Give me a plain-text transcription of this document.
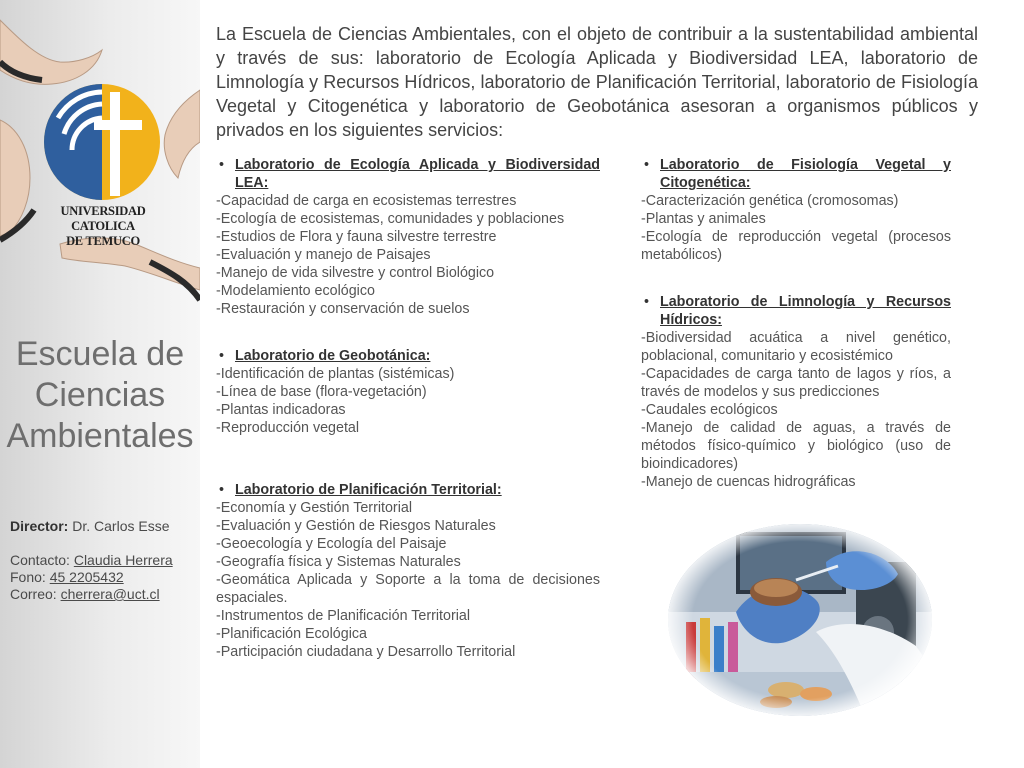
UNIVERSIDAD CATOLICA
DE TEMUCO
Escuela de
Ciencias
Ambientales
Director: Dr. Carlos Esse
Contacto: Claudia Herrera
Fono: 45 2205432
Correo: cherrera@uct.cl
La Escuela de Ciencias Ambientales, con el objeto de contribuir a la sustentabilidad ambiental y través de sus: laboratorio de Ecología Aplicada y Biodiversidad LEA, laboratorio de Limnología y Recursos Hídricos, laboratorio de Planificación Territorial, laboratorio de Fisiología Vegetal y Citogenética y laboratorio de Geobotánica asesoran a organismos públicos y privados en los siguientes servicios:
• Laboratorio de Ecología Aplicada y Biodiversidad LEA:
-Capacidad de carga en ecosistemas terrestres
-Ecología de ecosistemas, comunidades y poblaciones
-Estudios de Flora y fauna silvestre terrestre
-Evaluación y manejo de Paisajes
-Manejo de vida silvestre y control Biológico
-Modelamiento ecológico
-Restauración y conservación de suelos
• Laboratorio de Geobotánica:
-Identificación de plantas (sistémicas)
-Línea de base (flora-vegetación)
-Plantas indicadoras
-Reproducción vegetal
• Laboratorio de Planificación Territorial:
-Economía y Gestión Territorial
-Evaluación y Gestión de Riesgos Naturales
-Geoecología y Ecología del Paisaje
-Geografía física y Sistemas Naturales
-Geomática Aplicada y Soporte a la toma de decisiones espaciales.
-Instrumentos de Planificación Territorial
-Planificación Ecológica
-Participación ciudadana y Desarrollo Territorial
• Laboratorio de Fisiología Vegetal y Citogenética:
-Caracterización genética (cromosomas)
-Plantas y animales
-Ecología de reproducción vegetal (procesos metabólicos)
• Laboratorio de Limnología y Recursos Hídricos:
-Biodiversidad acuática a nivel genético, poblacional, comunitario y ecosistémico
-Capacidades de carga tanto de lagos y ríos, a través de modelos y sus predicciones
-Caudales ecológicos
-Manejo de calidad de aguas, a través de métodos físico-químico y biológico (uso de bioindicadores)
-Manejo de cuencas hidrográficas
